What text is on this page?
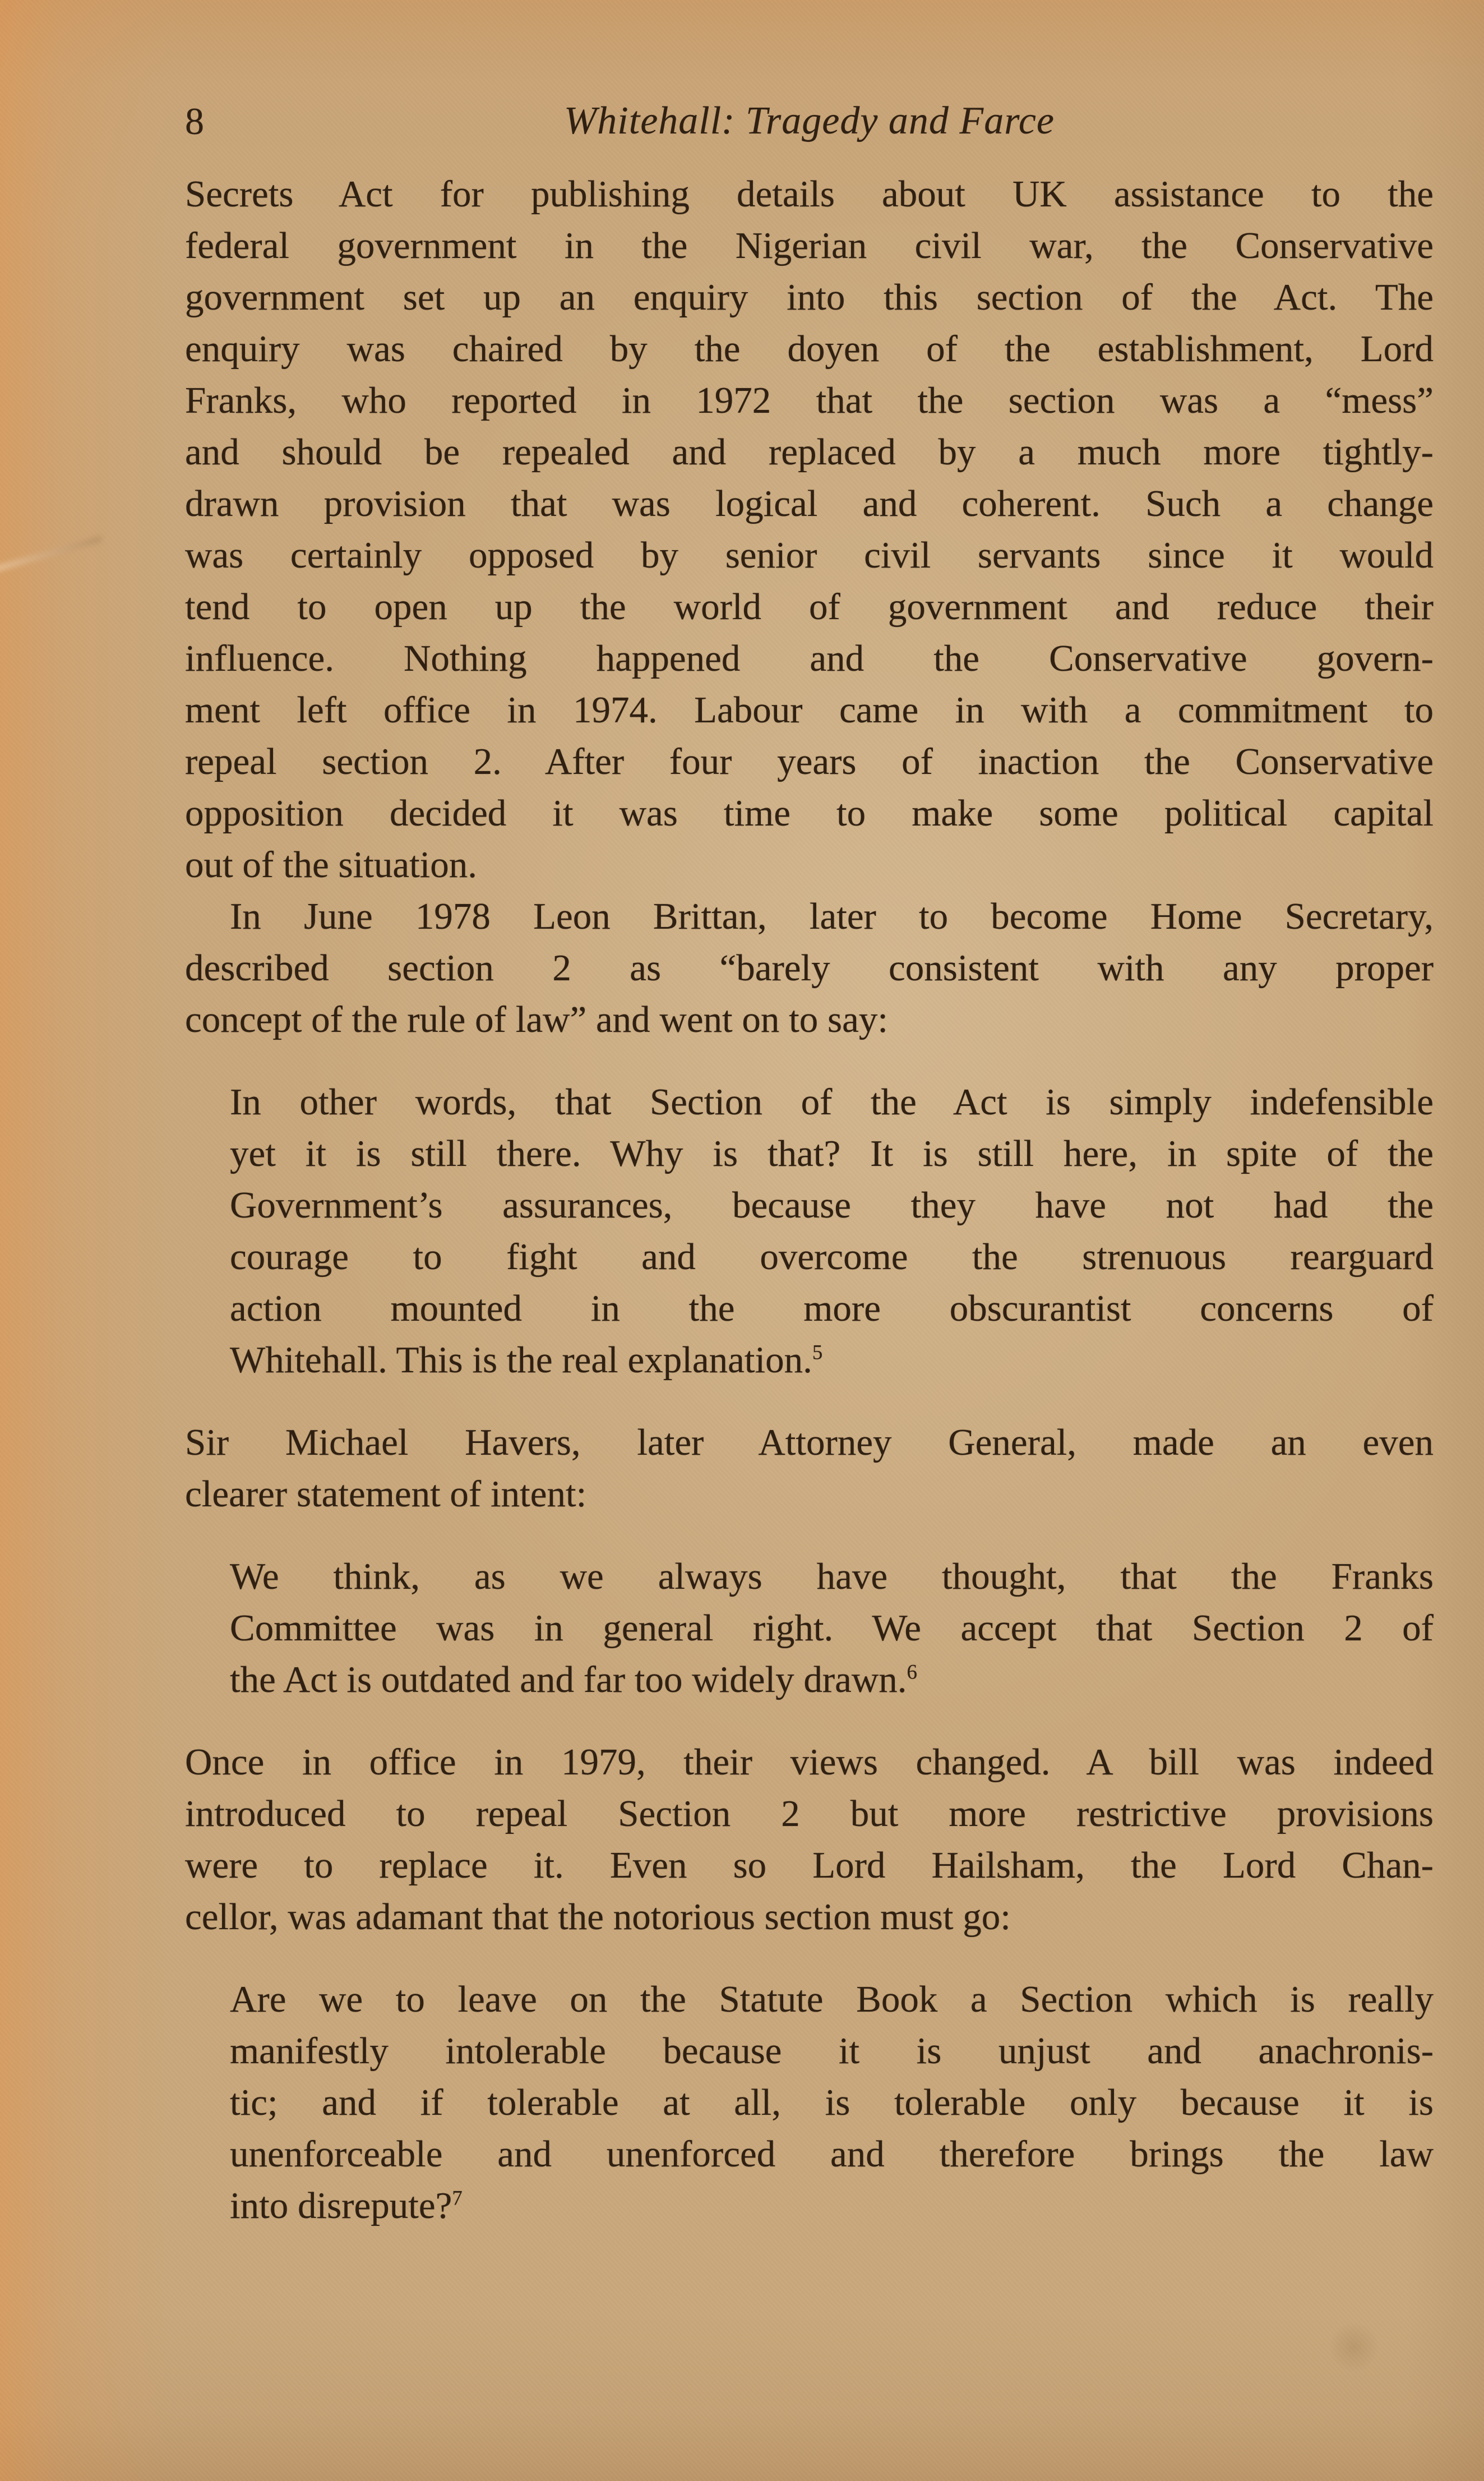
8	Whitehall: Tragedy and Farce
Secrets Act for publishing details about UK assistance to the
federal government in the Nigerian civil war, the Conservative
government set up an enquiry into this section of the Act. The
enquiry was chaired by the doyen of the establishment, Lord
Franks, who reported in 1972 that the section was a “mess”
and should be repealed and replaced by a much more tightly-
drawn provision that was logical and coherent. Such a change
was certainly opposed by senior civil servants since it would
tend to open up the world of government and reduce their
influence. Nothing happened and the Conservative govern-
ment left office in 1974. Labour came in with a commitment to
repeal section 2. After four years of inaction the Conservative
opposition decided it was time to make some political capital
out of the situation.
In June 1978 Leon Brittan, later to become Home Secretary,
described section 2 as “barely consistent with any proper
concept of the rule of law” and went on to say:
In other words, that Section of the Act is simply indefensible
yet it is still there. Why is that? It is still here, in spite of the
Government’s assurances, because they have not had the
courage to fight and overcome the strenuous rearguard
action mounted in the more obscurantist concerns of
Whitehall. This is the real explanation.$^5$
Sir Michael Havers, later Attorney General, made an even
clearer statement of intent:
We think, as we always have thought, that the Franks
Committee was in general right. We accept that Section 2 of
the Act is outdated and far too widely drawn.$^6$
Once in office in 1979, their views changed. A bill was indeed
introduced to repeal Section 2 but more restrictive provisions
were to replace it. Even so Lord Hailsham, the Lord Chan-
cellor, was adamant that the notorious section must go:
Are we to leave on the Statute Book a Section which is really
manifestly intolerable because it is unjust and anachronis-
tic; and if tolerable at all, is tolerable only because it is
unenforceable and unenforced and therefore brings the law
into disrepute?$^7$
